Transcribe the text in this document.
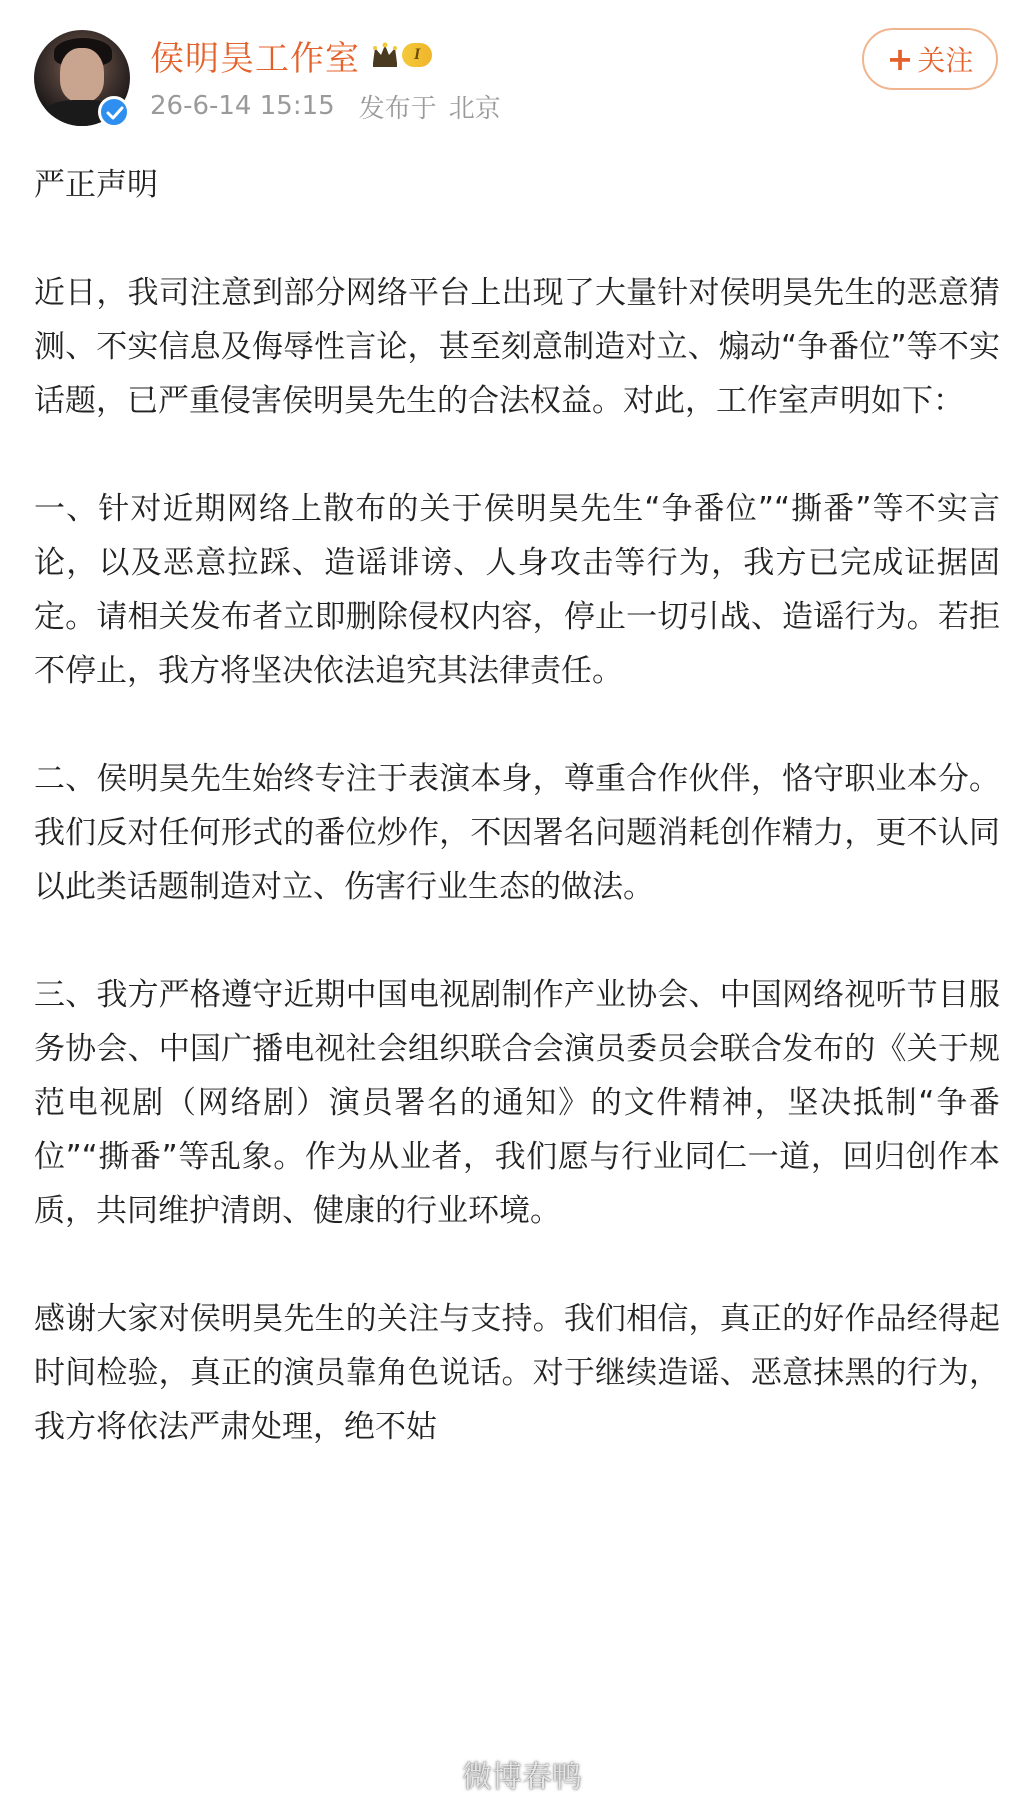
侯明昊工作室	I
26-6-14 15:15 发布于 北京
+ 关注

严正声明

近日，我司注意到部分网络平台上出现了大量针对侯明昊先生的恶意猜测、不实信息及侮辱性言论，甚至刻意制造对立、煽动“争番位”等不实话题，已严重侵害侯明昊先生的合法权益。对此，工作室声明如下：

一、针对近期网络上散布的关于侯明昊先生“争番位”“撕番”等不实言论，以及恶意拉踩、造谣诽谤、人身攻击等行为，我方已完成证据固定。请相关发布者立即删除侵权内容，停止一切引战、造谣行为。若拒不停止，我方将坚决依法追究其法律责任。

二、侯明昊先生始终专注于表演本身，尊重合作伙伴，恪守职业本分。我们反对任何形式的番位炒作，不因署名问题消耗创作精力，更不认同以此类话题制造对立、伤害行业生态的做法。

三、我方严格遵守近期中国电视剧制作产业协会、中国网络视听节目服务协会、中国广播电视社会组织联合会演员委员会联合发布的《关于规范电视剧（网络剧）演员署名的通知》的文件精神，坚决抵制“争番位”“撕番”等乱象。作为从业者，我们愿与行业同仁一道，回归创作本质，共同维护清朗、健康的行业环境。

感谢大家对侯明昊先生的关注与支持。我们相信，真正的好作品经得起时间检验，真正的演员靠角色说话。对于继续造谣、恶意抹黑的行为，我方将依法严肃处理，绝不姑

微博春鸭
